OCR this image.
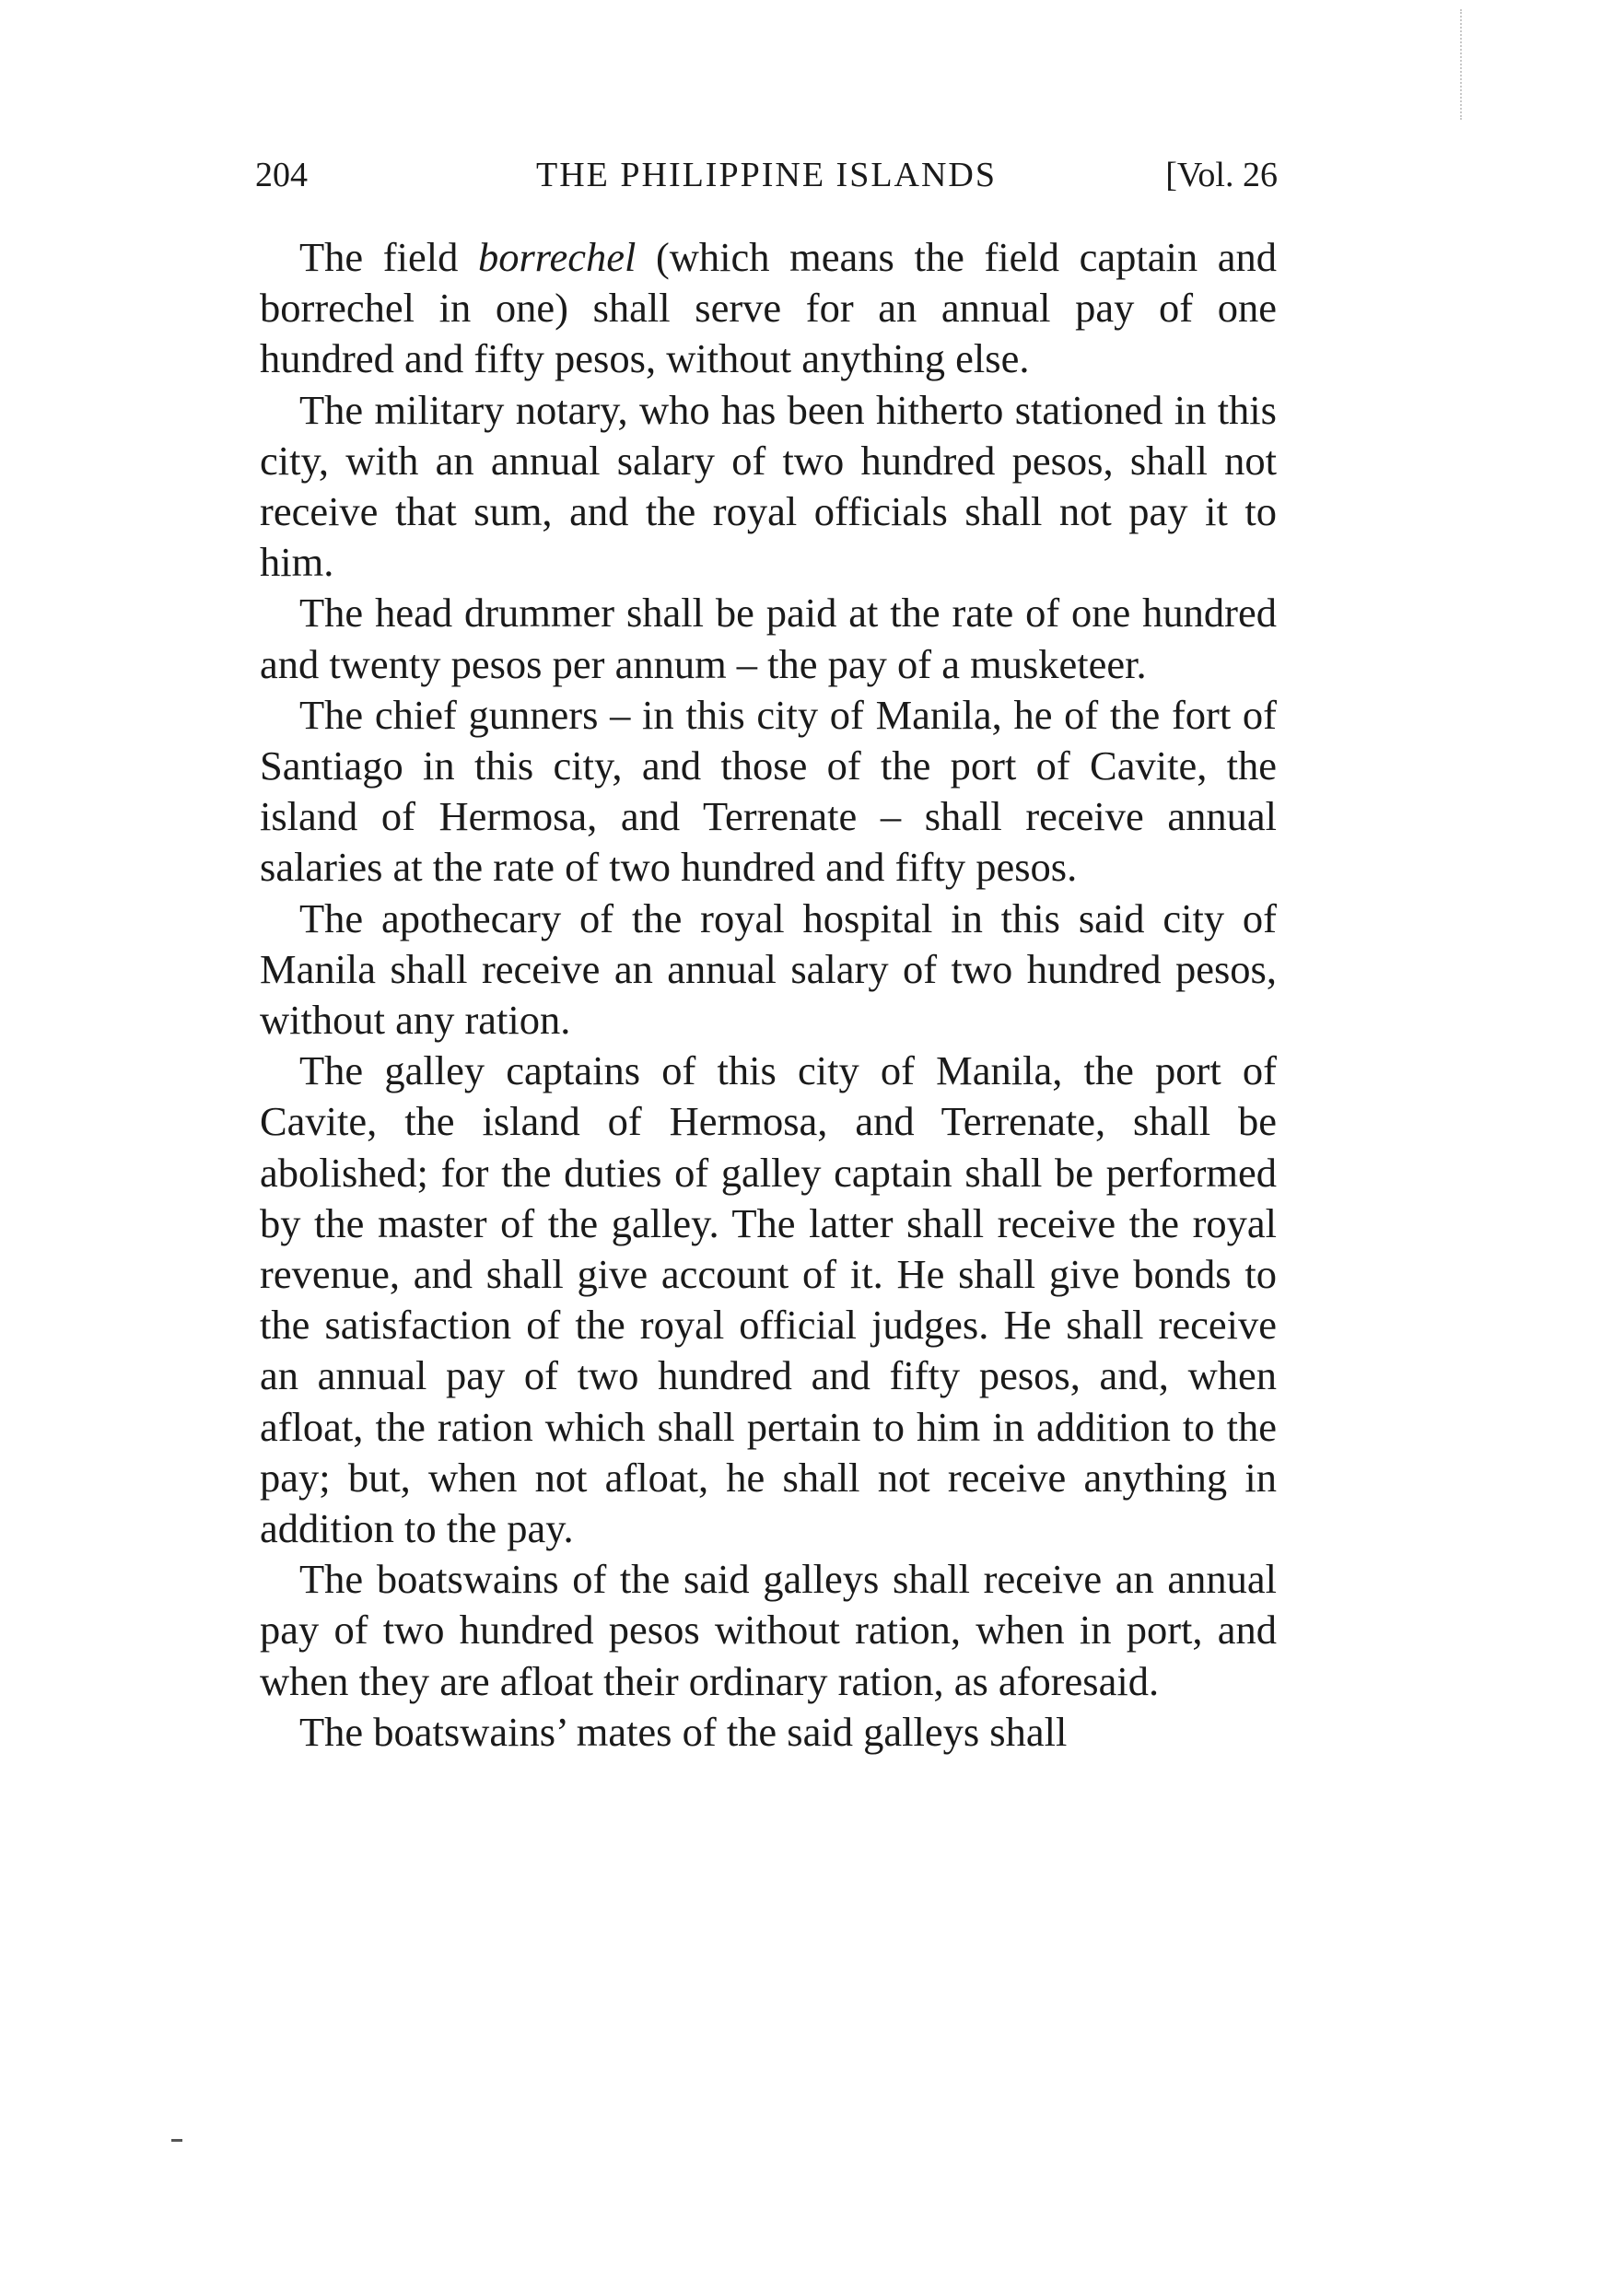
204	THE PHILIPPINE ISLANDS	[Vol. 26

The field borrechel (which means the field captain and borrechel in one) shall serve for an annual pay of one hundred and fifty pesos, without anything else.

The military notary, who has been hitherto stationed in this city, with an annual salary of two hundred pesos, shall not receive that sum, and the royal officials shall not pay it to him.

The head drummer shall be paid at the rate of one hundred and twenty pesos per annum – the pay of a musketeer.

The chief gunners – in this city of Manila, he of the fort of Santiago in this city, and those of the port of Cavite, the island of Hermosa, and Terrenate – shall receive annual salaries at the rate of two hundred and fifty pesos.

The apothecary of the royal hospital in this said city of Manila shall receive an annual salary of two hundred pesos, without any ration.

The galley captains of this city of Manila, the port of Cavite, the island of Hermosa, and Terrenate, shall be abolished; for the duties of galley captain shall be performed by the master of the galley. The latter shall receive the royal revenue, and shall give account of it. He shall give bonds to the satisfaction of the royal official judges. He shall receive an annual pay of two hundred and fifty pesos, and, when afloat, the ration which shall pertain to him in addition to the pay; but, when not afloat, he shall not receive anything in addition to the pay.

The boatswains of the said galleys shall receive an annual pay of two hundred pesos without ration, when in port, and when they are afloat their ordinary ration, as aforesaid.

The boatswains’ mates of the said galleys shall
